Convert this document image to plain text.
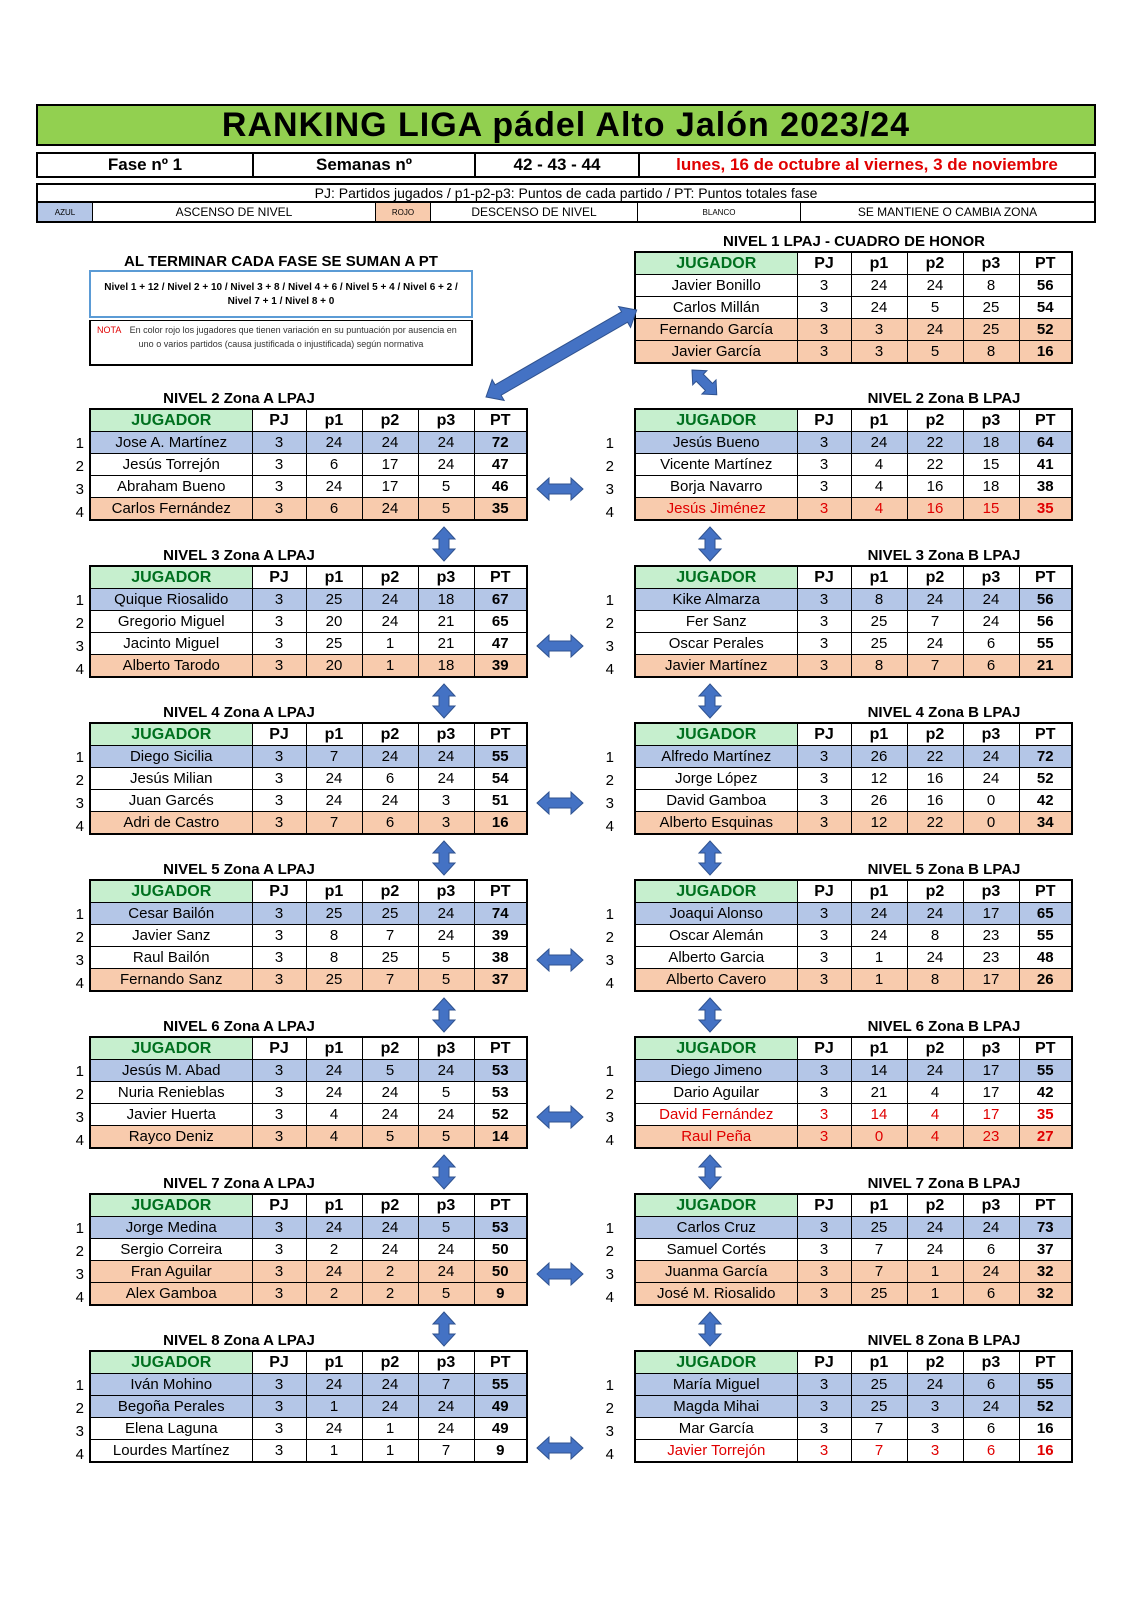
RANKING LIGA pádel Alto Jalón 2023/24
Fase nº 1	Semanas nº	42 - 43 - 44	lunes, 16 de octubre al viernes, 3 de noviembre
PJ: Partidos jugados / p1-p2-p3: Puntos de cada partido / PT: Puntos totales fase
AZUL	ASCENSO DE NIVEL	ROJO	DESCENSO DE NIVEL	BLANCO	SE MANTIENE O CAMBIA ZONA
AL TERMINAR CADA FASE SE SUMAN A PT
Nivel 1 + 12 / Nivel 2 + 10 / Nivel 3 + 8 / Nivel 4 + 6 / Nivel 5 + 4 / Nivel 6 + 2 / Nivel 7 + 1 / Nivel 8 + 0
NOTA En color rojo los jugadores que tienen variación en su puntuación por ausencia en uno o varios partidos (causa justificada o injustificada) según normativa
NIVEL 1 LPAJ - CUADRO DE HONOR
JUGADOR	PJ	p1	p2	p3	PT
Javier Bonillo	3	24	24	8	56
Carlos Millán	3	24	5	25	54
Fernando García	3	3	24	25	52
Javier García	3	3	5	8	16
NIVEL 2 Zona A LPAJ
1
2
3
4
JUGADOR	PJ	p1	p2	p3	PT
Jose A. Martínez	3	24	24	24	72
Jesús Torrejón	3	6	17	24	47
Abraham Bueno	3	24	17	5	46
Carlos Fernández	3	6	24	5	35
NIVEL 2 Zona B LPAJ
1
2
3
4
JUGADOR	PJ	p1	p2	p3	PT
Jesús Bueno	3	24	22	18	64
Vicente Martínez	3	4	22	15	41
Borja Navarro	3	4	16	18	38
Jesús Jiménez	3	4	16	15	35
NIVEL 3 Zona A LPAJ
1
2
3
4
JUGADOR	PJ	p1	p2	p3	PT
Quique Riosalido	3	25	24	18	67
Gregorio Miguel	3	20	24	21	65
Jacinto Miguel	3	25	1	21	47
Alberto Tarodo	3	20	1	18	39
NIVEL 3 Zona B LPAJ
1
2
3
4
JUGADOR	PJ	p1	p2	p3	PT
Kike Almarza	3	8	24	24	56
Fer Sanz	3	25	7	24	56
Oscar Perales	3	25	24	6	55
Javier Martínez	3	8	7	6	21
NIVEL 4 Zona A LPAJ
1
2
3
4
JUGADOR	PJ	p1	p2	p3	PT
Diego Sicilia	3	7	24	24	55
Jesús Milian	3	24	6	24	54
Juan Garcés	3	24	24	3	51
Adri de Castro	3	7	6	3	16
NIVEL 4 Zona B LPAJ
1
2
3
4
JUGADOR	PJ	p1	p2	p3	PT
Alfredo Martínez	3	26	22	24	72
Jorge López	3	12	16	24	52
David Gamboa	3	26	16	0	42
Alberto Esquinas	3	12	22	0	34
NIVEL 5 Zona A LPAJ
1
2
3
4
JUGADOR	PJ	p1	p2	p3	PT
Cesar Bailón	3	25	25	24	74
Javier Sanz	3	8	7	24	39
Raul Bailón	3	8	25	5	38
Fernando Sanz	3	25	7	5	37
NIVEL 5 Zona B LPAJ
1
2
3
4
JUGADOR	PJ	p1	p2	p3	PT
Joaqui Alonso	3	24	24	17	65
Oscar Alemán	3	24	8	23	55
Alberto Garcia	3	1	24	23	48
Alberto Cavero	3	1	8	17	26
NIVEL 6 Zona A LPAJ
1
2
3
4
JUGADOR	PJ	p1	p2	p3	PT
Jesús M. Abad	3	24	5	24	53
Nuria Renieblas	3	24	24	5	53
Javier Huerta	3	4	24	24	52
Rayco Deniz	3	4	5	5	14
NIVEL 6 Zona B LPAJ
1
2
3
4
JUGADOR	PJ	p1	p2	p3	PT
Diego Jimeno	3	14	24	17	55
Dario Aguilar	3	21	4	17	42
David Fernández	3	14	4	17	35
Raul Peña	3	0	4	23	27
NIVEL 7 Zona A LPAJ
1
2
3
4
JUGADOR	PJ	p1	p2	p3	PT
Jorge Medina	3	24	24	5	53
Sergio Correira	3	2	24	24	50
Fran Aguilar	3	24	2	24	50
Alex Gamboa	3	2	2	5	9
NIVEL 7 Zona B LPAJ
1
2
3
4
JUGADOR	PJ	p1	p2	p3	PT
Carlos Cruz	3	25	24	24	73
Samuel Cortés	3	7	24	6	37
Juanma García	3	7	1	24	32
José M. Riosalido	3	25	1	6	32
NIVEL 8 Zona A LPAJ
1
2
3
4
JUGADOR	PJ	p1	p2	p3	PT
Iván Mohino	3	24	24	7	55
Begoña Perales	3	1	24	24	49
Elena Laguna	3	24	1	24	49
Lourdes Martínez	3	1	1	7	9
NIVEL 8 Zona B LPAJ
1
2
3
4
JUGADOR	PJ	p1	p2	p3	PT
María Miguel	3	25	24	6	55
Magda Mihai	3	25	3	24	52
Mar García	3	7	3	6	16
Javier Torrejón	3	7	3	6	16
